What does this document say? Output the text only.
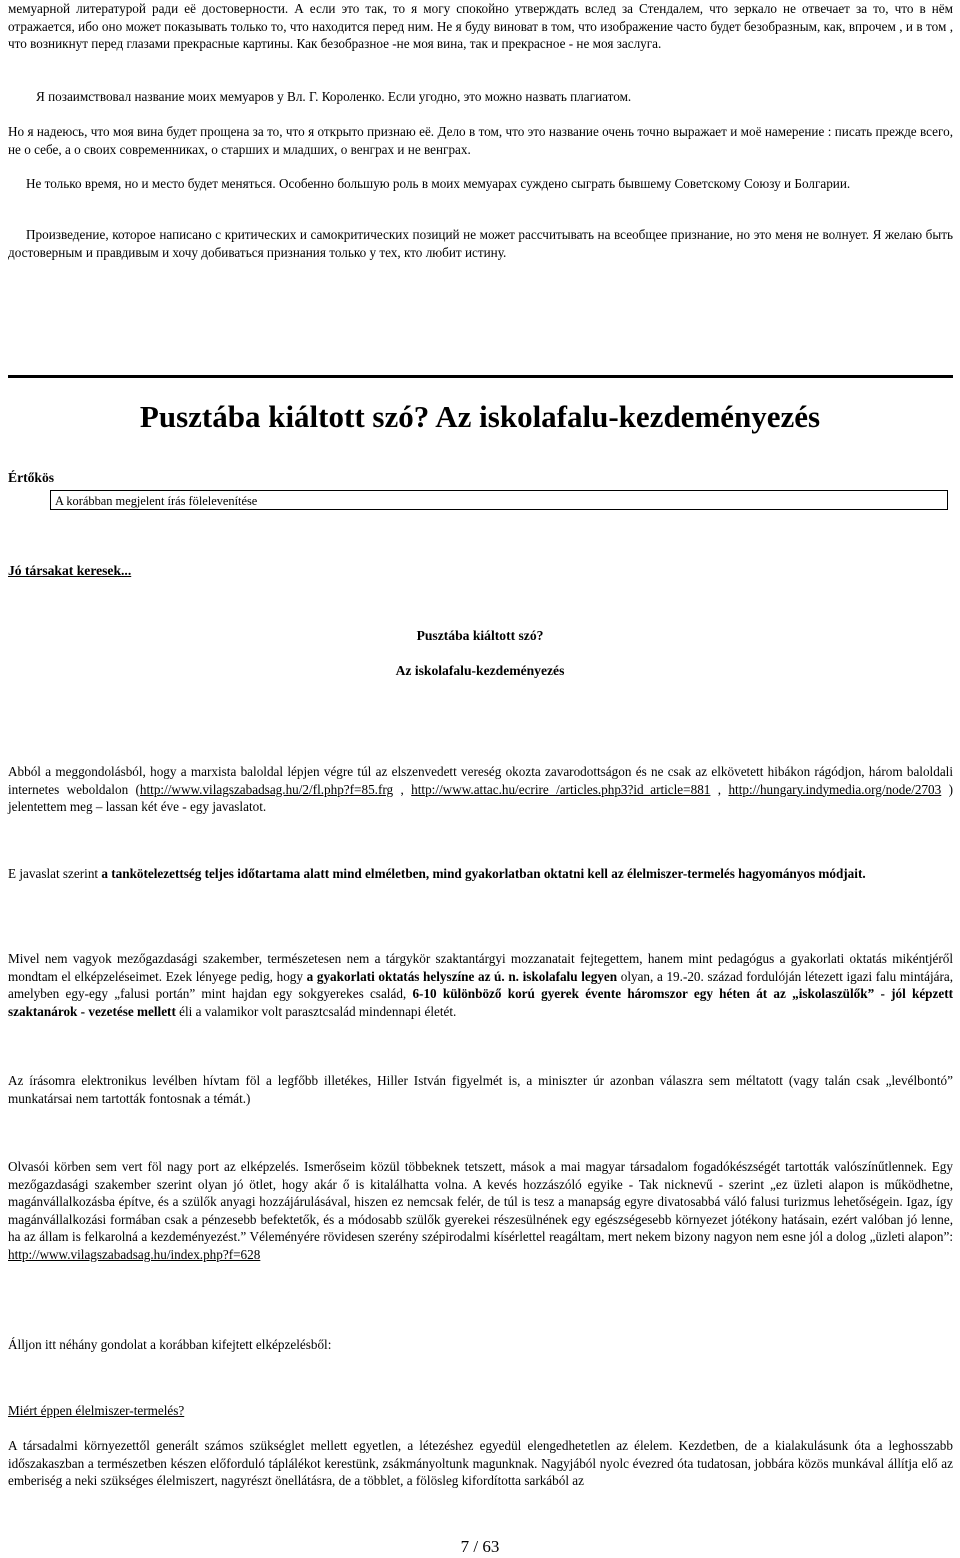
мемуарной литературой ради её достоверности. А если это так, то я могу спокойно утверждать вслед за Стендалем, что зеркало не отвечает за то, что в нём отражается, ибо оно может показывать только то, что находится перед ним. Не я буду виноват в том, что изображение часто будет безобразным, как, впрочем , и в том , что возникнут перед глазами прекрасные картины. Как безобразное -не моя вина, так и прекрасное - не моя заслуга.

Я позаимствовал название моих мемуаров у Вл. Г. Короленко. Если угодно, это можно назвать плагиатом.

Но я надеюсь, что моя вина будет прощена за то, что я открыто признаю её. Дело в том, что это название очень точно выражает и моё намерение : писать прежде всего, не о себе, а о своих современниках, о старших и младших, о венграх и не венграх.

Не только время, но и место будет меняться. Особенно большую роль в моих мемуарах суждено сыграть бывшему Советскому Союзу и Болгарии.

Произведение, которое написано с критических и самокритических позиций не может рассчитывать на всеобщее признание, но это меня не волнует. Я желаю быть достоверным и правдивым и хочу добиваться признания только у тех, кто любит истину.

Pusztába kiáltott szó? Az iskolafalu-kezdeményezés
Értőkös
A korábban megjelent írás fölelevenítése
Jó társakat keresek...
Pusztába kiáltott szó?
Az iskolafalu-kezdeményezés

Abból a meggondolásból, hogy a marxista baloldal lépjen végre túl az elszenvedett vereség okozta zavarodottságon és ne csak az elkövetett hibákon rágódjon, három baloldali internetes weboldalon (http://www.vilagszabadsag.hu/2/fl.php?f=85.frg , http://www.attac.hu/ecrire /articles.php3?id_article=881 , http://hungary.indymedia.org/node/2703 ) jelentettem meg – lassan két éve - egy javaslatot.

E javaslat szerint a tankötelezettség teljes időtartama alatt mind elméletben, mind gyakorlatban oktatni kell az élelmiszer-termelés hagyományos módjait.

Mivel nem vagyok mezőgazdasági szakember, természetesen nem a tárgykör szaktantárgyi mozzanatait fejtegettem, hanem mint pedagógus a gyakorlati oktatás mikéntjéről mondtam el elképzeléseimet. Ezek lényege pedig, hogy a gyakorlati oktatás helyszíne az ú. n. iskolafalu legyen olyan, a 19.-20. század fordulóján létezett igazi falu mintájára, amelyben egy-egy „falusi portán” mint hajdan egy sokgyerekes család, 6-10 különböző korú gyerek évente háromszor egy héten át az „iskolaszülők” - jól képzett szaktanárok - vezetése mellett éli a valamikor volt parasztcsalád mindennapi életét.

Az írásomra elektronikus levélben hívtam föl a legfőbb illetékes, Hiller István figyelmét is, a miniszter úr azonban válaszra sem méltatott (vagy talán csak „levélbontó” munkatársai nem tartották fontosnak a témát.)

Olvasói körben sem vert föl nagy port az elképzelés. Ismerőseim közül többeknek tetszett, mások a mai magyar társadalom fogadókészségét tartották valószínűtlennek. Egy mezőgazdasági szakember szerint olyan jó ötlet, hogy akár ő is kitalálhatta volna. A kevés hozzászóló egyike - Tak nicknevű - szerint „ez üzleti alapon is működhetne, magánvállalkozásba építve, és a szülők anyagi hozzájárulásával, hiszen ez nemcsak felér, de túl is tesz a manapság egyre divatosabbá váló falusi turizmus lehetőségein. Igaz, így magánvállalkozási formában csak a pénzesebb befektetők, és a módosabb szülők gyerekei részesülnének egy egészségesebb környezet jótékony hatásain, ezért valóban jó lenne, ha az állam is felkarolná a kezdeményezést.” Véleményére rövidesen szerény szépirodalmi kísérlettel reagáltam, mert nekem bizony nagyon nem esne jól a dolog „üzleti alapon”: http://www.vilagszabadsag.hu/index.php?f=628

Álljon itt néhány gondolat a korábban kifejtett elképzelésből:

Miért éppen élelmiszer-termelés?

A társadalmi környezettől generált számos szükséglet mellett egyetlen, a létezéshez egyedül elengedhetetlen az élelem. Kezdetben, de a kialakulásunk óta a leghosszabb időszakaszban a természetben készen előforduló táplálékot kerestünk, zsákmányoltunk magunknak. Nagyjából nyolc évezred óta tudatosan, jobbára közös munkával állítja elő az emberiség a neki szükséges élelmiszert, nagyrészt önellátásra, de a többlet, a fölösleg kifordította sarkából az

7 / 63
